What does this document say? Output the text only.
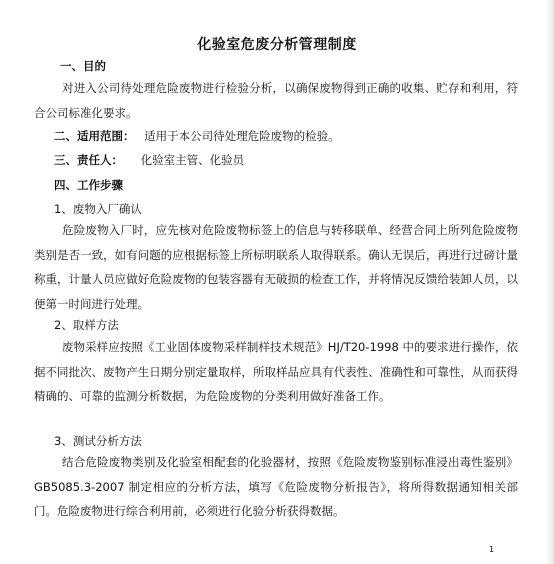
化验室危废分析管理制度
一、目的
对进入公司待处理危险废物进行检验分析，以确保废物得到正确的收集、贮存和利用，符合公司标准化要求。
二、适用范围： 适用于本公司待处理危险废物的检验。
三、责任人： 化验室主管、化验员
四、工作步骤
1、废物入厂确认
危险废物入厂时，应先核对危险废物标签上的信息与转移联单、经营合同上所列危险废物类别是否一致，如有问题的应根据标签上所标明联系人取得联系。确认无误后，再进行过磅计量称重，计量人员应做好危险废物的包装容器有无破损的检查工作，并将情况反馈给装卸人员，以便第一时间进行处理。
2、取样方法
废物采样应按照《工业固体废物采样制样技术规范》HJ/T20-1998 中的要求进行操作，依据不同批次、废物产生日期分别定量取样，所取样品应具有代表性、准确性和可靠性，从而获得精确的、可靠的监测分析数据，为危险废物的分类利用做好准备工作。
3、测试分析方法
结合危险废物类别及化验室相配套的化验器材，按照《危险废物鉴别标准浸出毒性鉴别》GB5085.3-2007 制定相应的分析方法，填写《危险废物分析报告》，将所得数据通知相关部门。危险废物进行综合利用前，必须进行化验分析获得数据。
1
